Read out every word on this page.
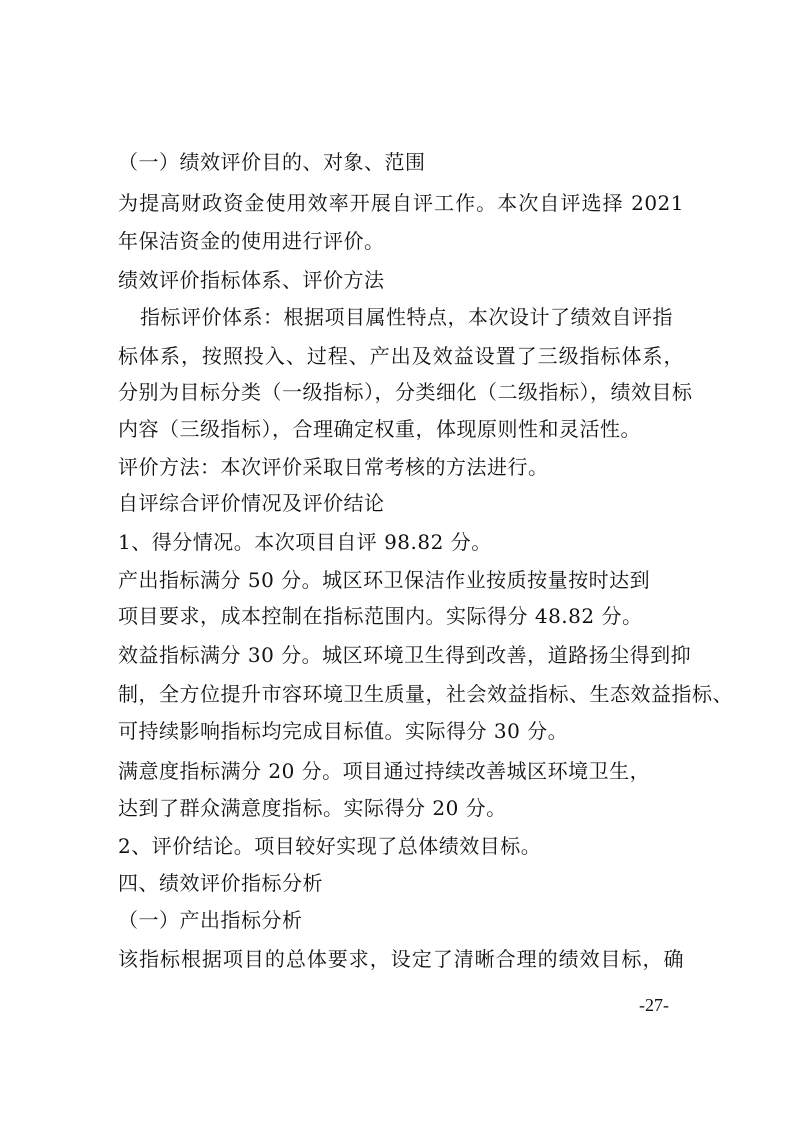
（一）绩效评价目的、对象、范围
为提高财政资金使用效率开展自评工作。本次自评选择 2021
年保洁资金的使用进行评价。
绩效评价指标体系、评价方法
指标评价体系：根据项目属性特点，本次设计了绩效自评指
标体系，按照投入、过程、产出及效益设置了三级指标体系，
分别为目标分类（一级指标），分类细化（二级指标），绩效目标
内容（三级指标），合理确定权重，体现原则性和灵活性。
评价方法：本次评价采取日常考核的方法进行。
自评综合评价情况及评价结论
1、得分情况。本次项目自评 98.82 分。
产出指标满分 50 分。城区环卫保洁作业按质按量按时达到
项目要求，成本控制在指标范围内。实际得分 48.82 分。
效益指标满分 30 分。城区环境卫生得到改善，道路扬尘得到抑
制，全方位提升市容环境卫生质量，社会效益指标、生态效益指标、
可持续影响指标均完成目标值。实际得分 30 分。
满意度指标满分 20 分。项目通过持续改善城区环境卫生，
达到了群众满意度指标。实际得分 20 分。
2、评价结论。项目较好实现了总体绩效目标。
四、绩效评价指标分析
（一）产出指标分析
该指标根据项目的总体要求，设定了清晰合理的绩效目标，确
-27-
